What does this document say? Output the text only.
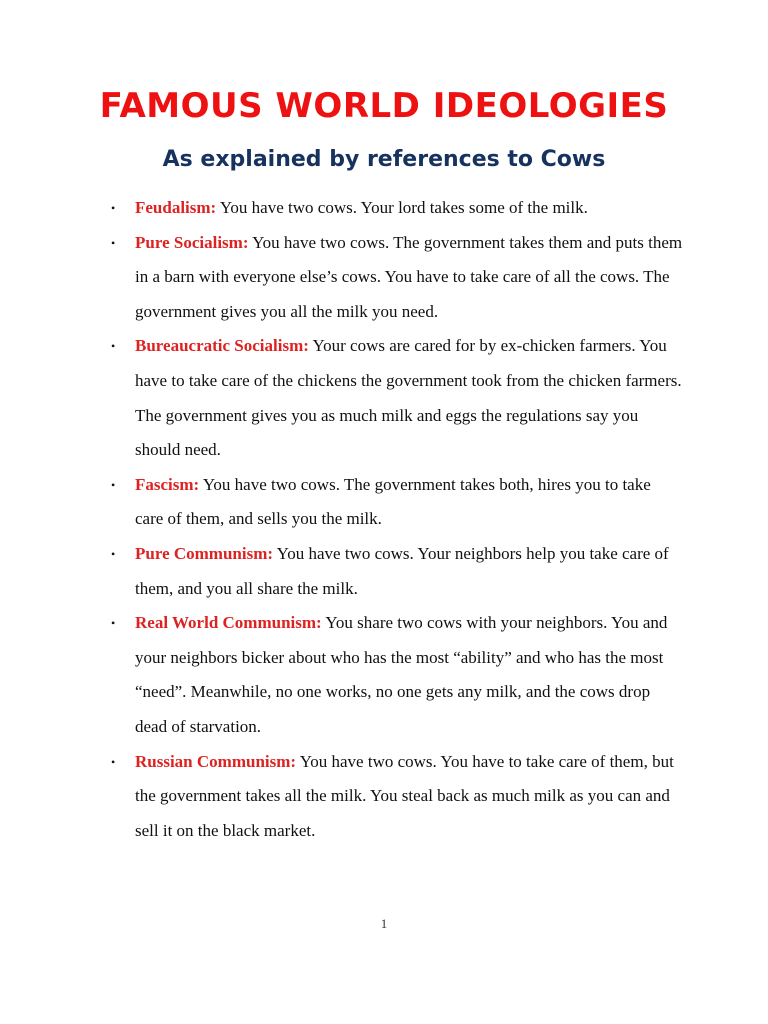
FAMOUS WORLD IDEOLOGIES
As explained by references to Cows
• Feudalism: You have two cows. Your lord takes some of the milk.
• Pure Socialism: You have two cows. The government takes them and puts them in a barn with everyone else’s cows. You have to take care of all the cows. The government gives you all the milk you need.
• Bureaucratic Socialism: Your cows are cared for by ex-chicken farmers. You have to take care of the chickens the government took from the chicken farmers. The government gives you as much milk and eggs the regulations say you should need.
• Fascism: You have two cows. The government takes both, hires you to take care of them, and sells you the milk.
• Pure Communism: You have two cows. Your neighbors help you take care of them, and you all share the milk.
• Real World Communism: You share two cows with your neighbors. You and your neighbors bicker about who has the most “ability” and who has the most “need”. Meanwhile, no one works, no one gets any milk, and the cows drop dead of starvation.
• Russian Communism: You have two cows. You have to take care of them, but the government takes all the milk. You steal back as much milk as you can and sell it on the black market.
1
